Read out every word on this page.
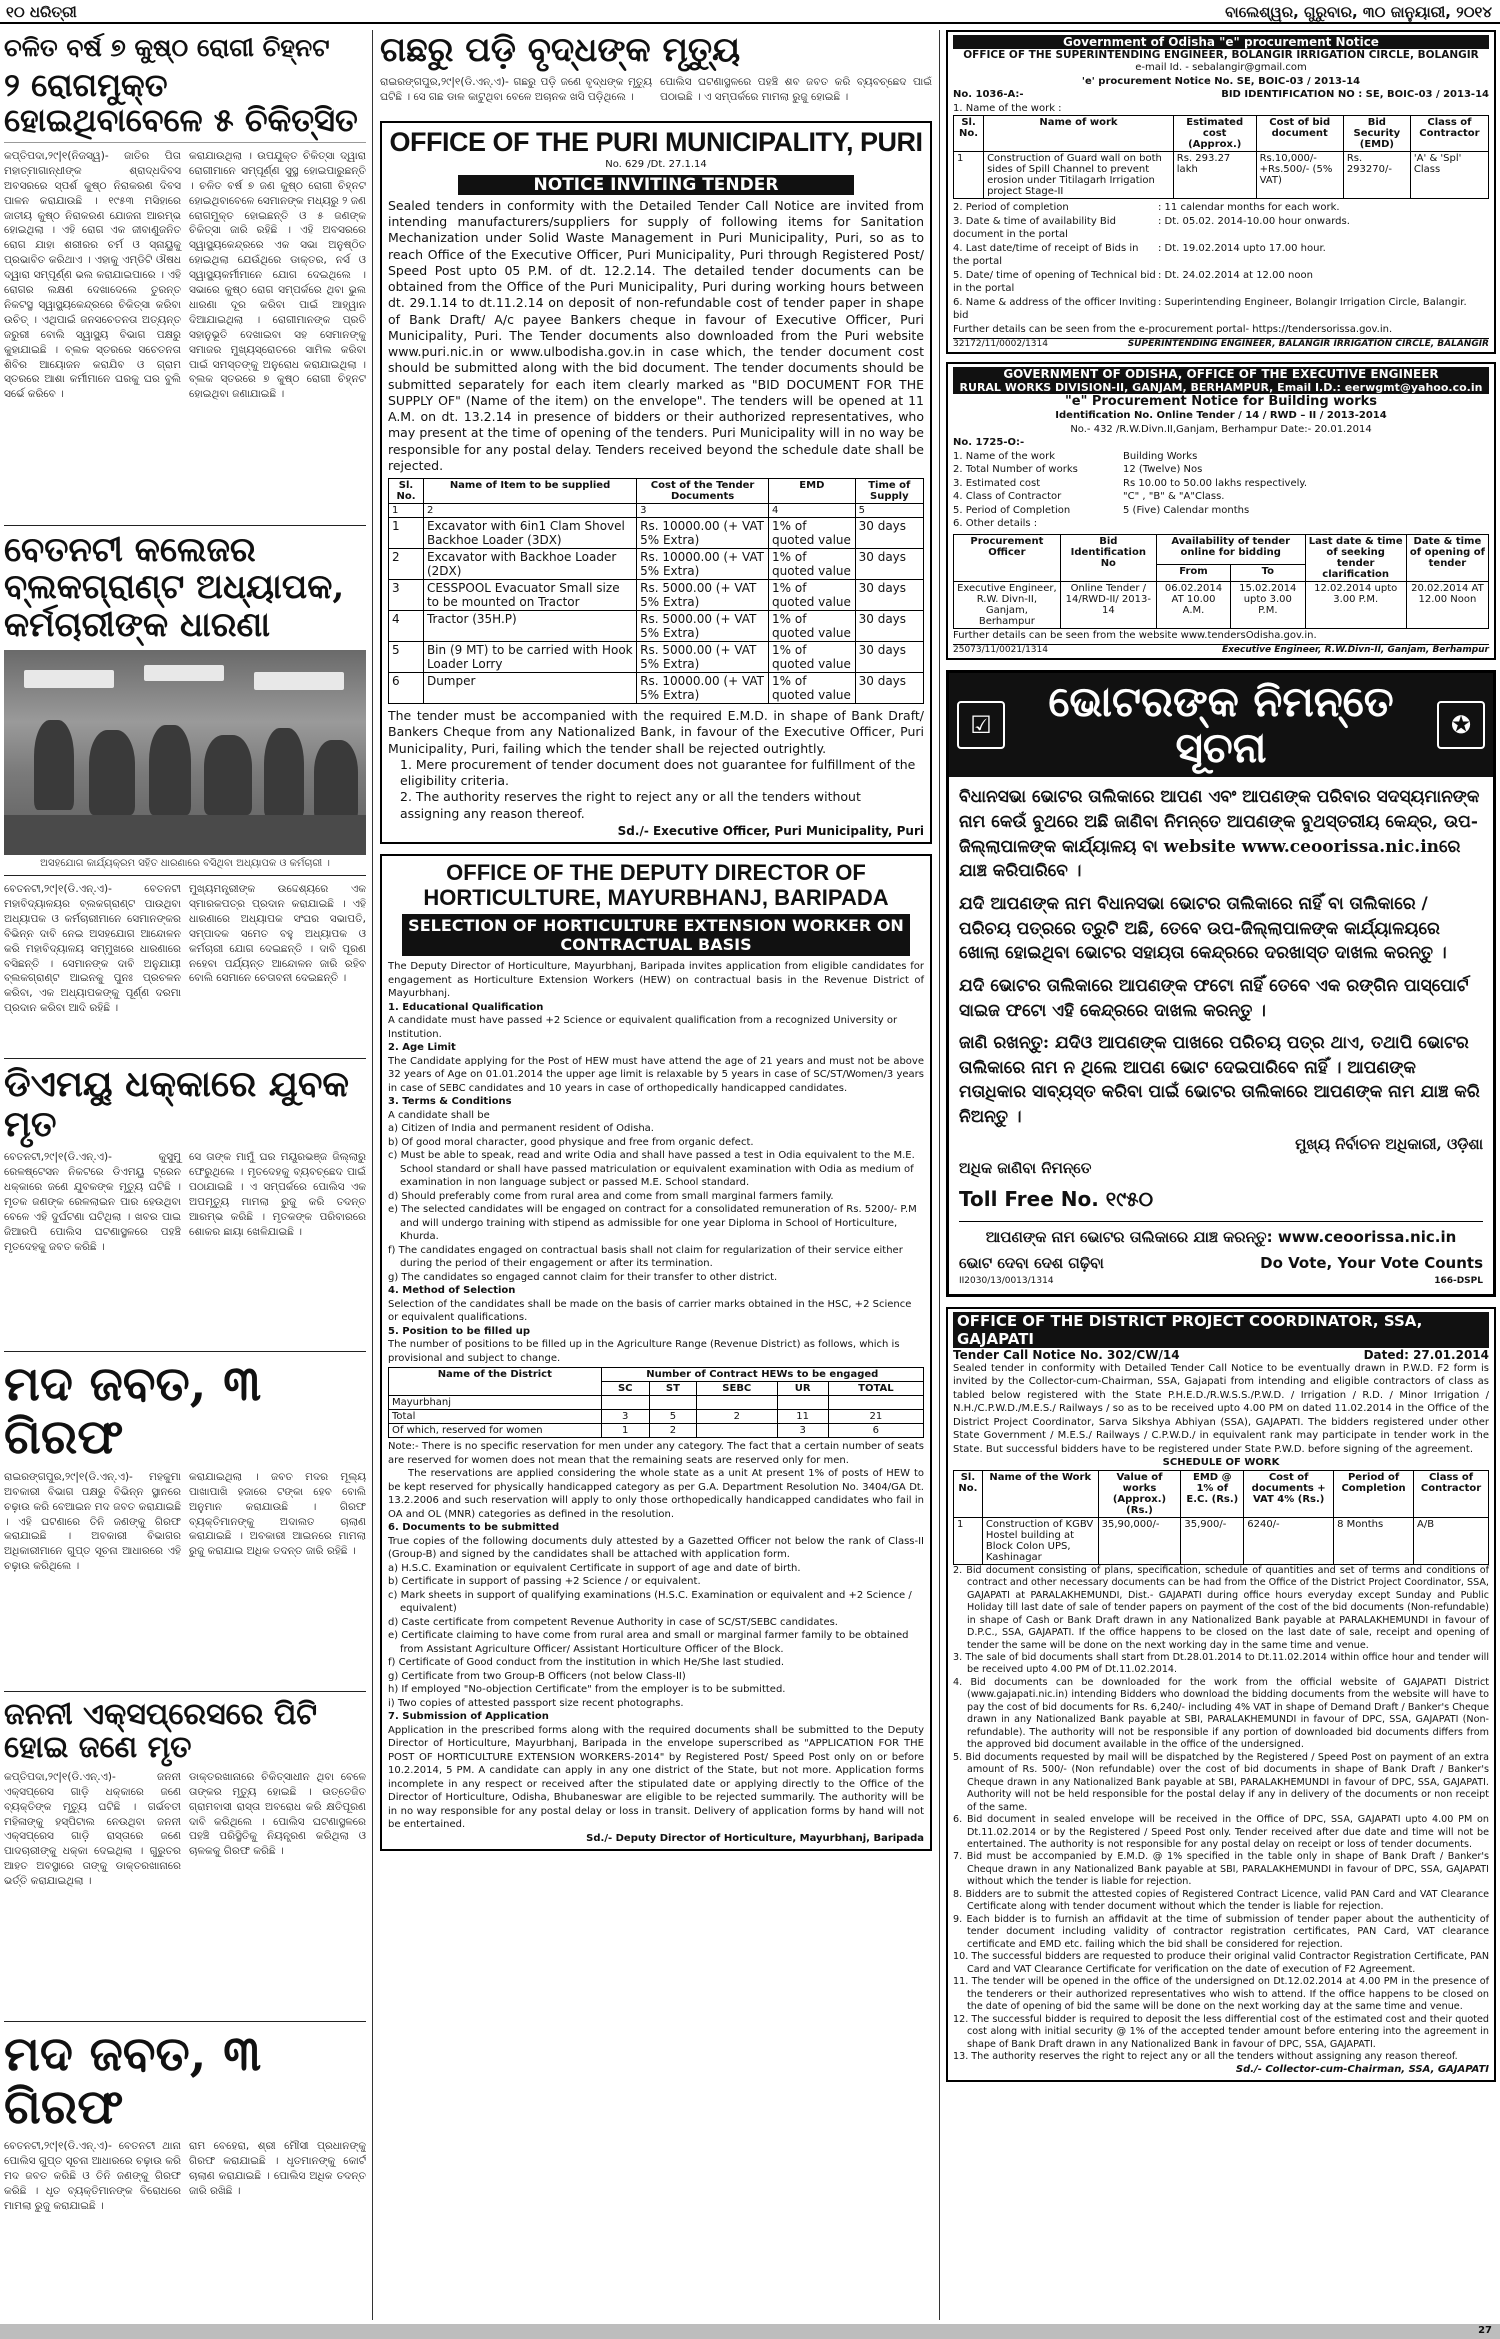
୧୦ ଧରିତ୍ରୀ	ବାଲେଶ୍ୱର, ଗୁରୁବାର, ୩୦ ଜାନୁୟାରୀ, ୨୦୧୪
ଚଳିତ ବର୍ଷ ୭ କୁଷ୍ଠ ରୋଗୀ ଚିହ୍ନଟ
୨ ରୋଗମୁକ୍ତ ହୋଇଥିବାବେଳେ ୫ ଚିକିତ୍ସିତ
କପ୍ତିପଦା,୨୯|୧(ନିଜସ୍ୱ)- ଜାତିର ପିତା ମହାତ୍ମାଗାନ୍ଧୀଙ୍କ ଶ୍ରାଦ୍ଧଦିବସ ଅବସରରେ ସ୍ପର୍ଶ କୁଷ୍ଠ ନିରାକରଣ ଦିବସ ପାଳନ କରାଯାଉଛି । ୧୯୫୩ ମସିହାରେ ଜାତୀୟ କୁଷ୍ଠ ନିରାକରଣ ଯୋଜନା ଆରମ୍ଭ ହୋଇଥିଲା । ଏହି ରୋଗ ଏକ ଜୀବାଣୁଜନିତ ରୋଗ ଯାହା ଶରୀରର ଚର୍ମ ଓ ସ୍ନାୟୁକୁ ପ୍ରଭାବିତ କରିଥାଏ । ଏହାକୁ ଏମ୍‌ଡିଟି ଔଷଧ ଦ୍ୱାରା ସମ୍ପୂର୍ଣ୍ଣ ଭଲ କରାଯାଇପାରେ । ଏହି ରୋଗର ଲକ୍ଷଣ ଦେଖାଦେଲେ ତୁରନ୍ତ ନିକଟସ୍ଥ ସ୍ୱାସ୍ଥ୍ୟକେନ୍ଦ୍ରରେ ଚିକିତ୍ସା କରିବା ଉଚିତ୍ । ଏଥିପାଇଁ ଜନସଚେତନତା ଅତ୍ୟନ୍ତ ଜରୁରୀ ବୋଲି ସ୍ୱାସ୍ଥ୍ୟ ବିଭାଗ ପକ୍ଷରୁ କୁହାଯାଇଛି । ବ୍ଲକ ସ୍ତରରେ ସଚେତନତା ଶିବିର ଆୟୋଜନ କରାଯିବ ଓ ଗ୍ରାମ ସ୍ତରରେ ଆଶା କର୍ମୀମାନେ ଘରକୁ ଘର ବୁଲି ସର୍ଭେ କରିବେ ।
କରାଯାଉଥିଲା । ଉପଯୁକ୍ତ ଚିକିତ୍ସା ଦ୍ୱାରା ରୋଗୀମାନେ ସମ୍ପୂର୍ଣ୍ଣ ସୁସ୍ଥ ହୋଇପାରୁଛନ୍ତି । ଚଳିତ ବର୍ଷ ୭ ଜଣ କୁଷ୍ଠ ରୋଗୀ ଚିହ୍ନଟ ହୋଇଥିବାବେଳେ ସେମାନଙ୍କ ମଧ୍ୟରୁ ୨ ଜଣ ରୋଗମୁକ୍ତ ହୋଇଛନ୍ତି ଓ ୫ ଜଣଙ୍କ ଚିକିତ୍ସା ଜାରି ରହିଛି । ଏହି ଅବସରରେ ସ୍ୱାସ୍ଥ୍ୟକେନ୍ଦ୍ରରେ ଏକ ସଭା ଅନୁଷ୍ଠିତ ହୋଇଥିଲା ଯେଉଁଥିରେ ଡାକ୍ତର, ନର୍ସ ଓ ସ୍ୱାସ୍ଥ୍ୟକର୍ମୀମାନେ ଯୋଗ ଦେଇଥିଲେ । ସଭାରେ କୁଷ୍ଠ ରୋଗ ସମ୍ପର୍କରେ ଥିବା ଭୁଲ ଧାରଣା ଦୂର କରିବା ପାଇଁ ଆହ୍ୱାନ ଦିଆଯାଇଥିଲା । ରୋଗୀମାନଙ୍କ ପ୍ରତି ସହାନୁଭୂତି ଦେଖାଇବା ସହ ସେମାନଙ୍କୁ ସମାଜର ମୁଖ୍ୟସ୍ରୋତରେ ସାମିଲ କରିବା ପାଇଁ ସମସ୍ତଙ୍କୁ ଅନୁରୋଧ କରାଯାଇଥିଲା । ବ୍ଲକ ସ୍ତରରେ ୭ କୁଷ୍ଠ ରୋଗୀ ଚିହ୍ନଟ ହୋଇଥିବା ଜଣାଯାଇଛି ।
ବେତନଟୀ କଲେଜର ବ୍ଲକଗ୍ରାଣ୍ଟ ଅଧ୍ୟାପକ, କର୍ମଚାରୀଙ୍କ ଧାରଣା
ଅସହଯୋଗ କାର୍ଯ୍ୟକ୍ରମ ସହିତ ଧାରଣାରେ ବସିଥିବା ଅଧ୍ୟାପକ ଓ କର୍ମଚାରୀ ।
ବେତନଟୀ,୨୯|୧(ଡି.ଏନ୍.ଏ)- ବେତନଟୀ ମହାବିଦ୍ୟାଳୟର ବ୍ଲକଗ୍ରାଣ୍ଟ ପାଉଥିବା ଅଧ୍ୟାପକ ଓ କର୍ମଚାରୀମାନେ ସେମାନଙ୍କର ବିଭିନ୍ନ ଦାବି ନେଇ ଅସହଯୋଗ ଆନ୍ଦୋଳନ କରି ମହାବିଦ୍ୟାଳୟ ସମ୍ମୁଖରେ ଧାରଣାରେ ବସିଛନ୍ତି । ସେମାନଙ୍କ ଦାବି ଅନୁଯାୟୀ ବ୍ଲକଗ୍ରାଣ୍ଟ ଆଇନକୁ ପୁନଃ ପ୍ରଚଳନ କରିବା, ଏକ ଅଧ୍ୟାପକଙ୍କୁ ପୂର୍ଣ୍ଣ ଦରମା ପ୍ରଦାନ କରିବା ଆଦି ରହିଛି ।
ମୁଖ୍ୟମନ୍ତ୍ରୀଙ୍କ ଉଦ୍ଦେଶ୍ୟରେ ଏକ ସ୍ମାରକପତ୍ର ପ୍ରଦାନ କରାଯାଇଛି । ଏହି ଧାରଣାରେ ଅଧ୍ୟାପକ ସଂଘର ସଭାପତି, ସମ୍ପାଦକ ସମେତ ବହୁ ଅଧ୍ୟାପକ ଓ କର୍ମଚାରୀ ଯୋଗ ଦେଇଛନ୍ତି । ଦାବି ପୂରଣ ନହେବା ପର୍ଯ୍ୟନ୍ତ ଆନ୍ଦୋଳନ ଜାରି ରହିବ ବୋଲି ସେମାନେ ଚେତାବନୀ ଦେଇଛନ୍ତି ।
ଡିଏମୟୁ ଧକ୍କାରେ ଯୁବକ ମୃତ
ବେତନଟୀ,୨୯|୧(ଡି.ଏନ୍.ଏ)- କୁସୁମୁ ରେଳଷ୍ଟେସନ ନିକଟରେ ଡିଏମୟୁ ଟ୍ରେନ ଧକ୍କାରେ ଜଣେ ଯୁବକଙ୍କ ମୃତ୍ୟୁ ଘଟିଛି । ମୃତକ ଜଣଙ୍କ ରେଳଲାଇନ ପାର ହେଉଥିବା ବେଳେ ଏହି ଦୁର୍ଘଟଣା ଘଟିଥିଲା । ଖବର ପାଇ ଜିଆରପି ପୋଲିସ ଘଟଣାସ୍ଥଳରେ ପହଞ୍ଚି ମୃତଦେହକୁ ଜବତ କରିଛି ।
ସେ ତାଙ୍କ ମାମୁଁ ଘର ମୟୂରଭଞ୍ଜ ଜିଲ୍ଲାରୁ ଫେରୁଥିଲେ । ମୃତଦେହକୁ ବ୍ୟବଚ୍ଛେଦ ପାଇଁ ପଠାଯାଇଛି । ଏ ସମ୍ପର୍କରେ ପୋଲିସ ଏକ ଅପମୃତ୍ୟୁ ମାମଲା ରୁଜୁ କରି ତଦନ୍ତ ଆରମ୍ଭ କରିଛି । ମୃତକଙ୍କ ପରିବାରରେ ଶୋକର ଛାୟା ଖେଳିଯାଇଛି ।
ମଦ ଜବତ, ୩ ଗିରଫ
ରାଇରଙ୍ଗପୁର,୨୯|୧(ଡି.ଏନ୍.ଏ)- ମହକୁମା ଅବକାରୀ ବିଭାଗ ପକ୍ଷରୁ ବିଭିନ୍ନ ସ୍ଥାନରେ ଚଢ଼ାଉ କରି ବେଆଇନ ମଦ ଜବତ କରାଯାଇଛି । ଏହି ଘଟଣାରେ ତିନି ଜଣଙ୍କୁ ଗିରଫ କରାଯାଇଛି । ଅବକାରୀ ବିଭାଗର ଅଧିକାରୀମାନେ ଗୁପ୍ତ ସୂଚନା ଆଧାରରେ ଏହି ଚଢ଼ାଉ କରିଥିଲେ ।
କରାଯାଇଥିଲା । ଜବତ ମଦର ମୂଲ୍ୟ ପାଖାପାଖି ହଜାରେ ଟଙ୍କା ହେବ ବୋଲି ଅନୁମାନ କରାଯାଉଛି । ଗିରଫ ବ୍ୟକ୍ତିମାନଙ୍କୁ ଅଦାଲତ ଚାଲାଣ କରାଯାଇଛି । ଅବକାରୀ ଆଇନରେ ମାମଲା ରୁଜୁ କରାଯାଇ ଅଧିକ ତଦନ୍ତ ଜାରି ରହିଛି ।
ଜନନୀ ଏକ୍ସପ୍ରେସରେ ପିଟି ହୋଇ ଜଣେ ମୃତ
କପ୍ତିପଦା,୨୯|୧(ଡି.ଏନ୍.ଏ)- ଜନନୀ ଏକ୍ସପ୍ରେସ ଗାଡ଼ି ଧକ୍କାରେ ଜଣେ ବ୍ୟକ୍ତିଙ୍କ ମୃତ୍ୟୁ ଘଟିଛି । ଗର୍ଭବତୀ ମହିଳାଙ୍କୁ ହସ୍ପିଟାଲ ନେଉଥିବା ଜନନୀ ଏକ୍ସପ୍ରେସ ଗାଡ଼ି ରାସ୍ତାରେ ଜଣେ ପାଦଚାରୀଙ୍କୁ ଧକ୍କା ଦେଇଥିଲା । ଗୁରୁତର ଆହତ ଅବସ୍ଥାରେ ତାଙ୍କୁ ଡାକ୍ତରଖାନାରେ ଭର୍ତ୍ତି କରାଯାଇଥିଲା ।
ଡାକ୍ତରଖାନାରେ ଚିକିତ୍ସାଧୀନ ଥିବା ବେଳେ ତାଙ୍କର ମୃତ୍ୟୁ ହୋଇଛି । ଉତ୍ତେଜିତ ଗ୍ରାମବାସୀ ରାସ୍ତା ଅବରୋଧ କରି କ୍ଷତିପୂରଣ ଦାବି କରିଥିଲେ । ପୋଲିସ ଘଟଣାସ୍ଥଳରେ ପହଞ୍ଚି ପରିସ୍ଥିତିକୁ ନିୟନ୍ତ୍ରଣ କରିଥିଲା ଓ ଚାଳକକୁ ଗିରଫ କରିଛି ।
ମଦ ଜବତ, ୩ ଗିରଫ
ବେତନଟୀ,୨୯|୧(ଡି.ଏନ୍.ଏ)- ବେତନଟୀ ଥାନା ପୋଲିସ ଗୁପ୍ତ ସୂଚନା ଆଧାରରେ ଚଢ଼ାଉ କରି ମଦ ଜବତ କରିଛି ଓ ତିନି ଜଣଙ୍କୁ ଗିରଫ କରିଛି । ଧୃତ ବ୍ୟକ୍ତିମାନଙ୍କ ବିରୋଧରେ ମାମଲା ରୁଜୁ କରାଯାଇଛି ।
ରାମ ବେହେରା, ଶ୍ରୀ ମୌସୀ ପ୍ରଧାନଙ୍କୁ ଗିରଫ କରାଯାଇଛି । ଧୃତମାନଙ୍କୁ କୋର୍ଟ ଚାଲାଣ କରାଯାଇଛି । ପୋଲିସ ଅଧିକ ତଦନ୍ତ ଜାରି ରଖିଛି ।
ଗଛରୁ ପଡ଼ି ବୃଦ୍ଧଙ୍କ ମୃତ୍ୟୁ
ରାଇରଙ୍ଗପୁର,୨୯|୧(ଡି.ଏନ୍.ଏ)- ଗଛରୁ ପଡ଼ି ଜଣେ ବୃଦ୍ଧଙ୍କ ମୃତ୍ୟୁ ଘଟିଛି । ସେ ଗଛ ଡାଳ କାଟୁଥିବା ବେଳେ ଅଚାନକ ଖସି ପଡ଼ିଥିଲେ ।
ପୋଲିସ ଘଟଣାସ୍ଥଳରେ ପହଞ୍ଚି ଶବ ଜବତ କରି ବ୍ୟବଚ୍ଛେଦ ପାଇଁ ପଠାଇଛି । ଏ ସମ୍ପର୍କରେ ମାମଲା ରୁଜୁ ହୋଇଛି ।
OFFICE OF THE PURI MUNICIPALITY, PURI
No. 629 /Dt. 27.1.14
NOTICE INVITING TENDER
Sealed tenders in conformity with the Detailed Tender Call Notice are invited from intending manufacturers/suppliers for supply of following items for Sanitation Mechanization under Solid Waste Management in Puri Municipality, Puri, so as to reach Office of the Executive Officer, Puri Municipality, Puri through Registered Post/ Speed Post upto 05 P.M. of dt. 12.2.14. The detailed tender documents can be obtained from the Office of the Puri Municipality, Puri during working hours between dt. 29.1.14 to dt.11.2.14 on deposit of non-refundable cost of tender paper in shape of Bank Draft/ A/c payee Bankers cheque in favour of Executive Officer, Puri Municipality, Puri. The Tender documents also downloaded from the Puri website www.puri.nic.in or www.ulbodisha.gov.in in case which, the tender document cost should be submitted along with the bid document. The tender documents should be submitted separately for each item clearly marked as "BID DOCUMENT FOR THE SUPPLY OF" (Name of the item) on the envelope". The tenders will be opened at 11 A.M. on dt. 13.2.14 in presence of bidders or their authorized representatives, who may present at the time of opening of the tenders. Puri Municipality will in no way be responsible for any postal delay. Tenders received beyond the schedule date shall be rejected.
Sl. No.	Name of Item to be supplied	Cost of the Tender Documents	EMD	Time of Supply
1	2	3	4	5
1	Excavator with 6in1 Clam Shovel Backhoe Loader (3DX)	Rs. 10000.00 (+ VAT 5% Extra)	1% of quoted value	30 days
2	Excavator with Backhoe Loader (2DX)	Rs. 10000.00 (+ VAT 5% Extra)	1% of quoted value	30 days
3	CESSPOOL Evacuator Small size to be mounted on Tractor	Rs. 5000.00 (+ VAT 5% Extra)	1% of quoted value	30 days
4	Tractor (35H.P)	Rs. 5000.00 (+ VAT 5% Extra)	1% of quoted value	30 days
5	Bin (9 MT) to be carried with Hook Loader Lorry	Rs. 5000.00 (+ VAT 5% Extra)	1% of quoted value	30 days
6	Dumper	Rs. 10000.00 (+ VAT 5% Extra)	1% of quoted value	30 days
The tender must be accompanied with the required E.M.D. in shape of Bank Draft/ Bankers Cheque from any Nationalized Bank, in favour of the Executive Officer, Puri Municipality, Puri, failing which the tender shall be rejected outrightly.
1. Mere procurement of tender document does not guarantee for fulfillment of the eligibility criteria.
2. The authority reserves the right to reject any or all the tenders without assigning any reason thereof.
Sd./- Executive Officer, Puri Municipality, Puri
OFFICE OF THE DEPUTY DIRECTOR OF HORTICULTURE, MAYURBHANJ, BARIPADA
SELECTION OF HORTICULTURE EXTENSION WORKER ON CONTRACTUAL BASIS
The Deputy Director of Horticulture, Mayurbhanj, Baripada invites application from eligible candidates for engagement as Horticulture Extension Workers (HEW) on contractual basis in the Revenue District of Mayurbhanj.
1. Educational Qualification
A candidate must have passed +2 Science or equivalent qualification from a recognized University or Institution.
2. Age Limit
The Candidate applying for the Post of HEW must have attend the age of 21 years and must not be above 32 years of Age on 01.01.2014 the upper age limit is relaxable by 5 years in case of SC/ST/Women/3 years in case of SEBC candidates and 10 years in case of orthopedically handicapped candidates.
3. Terms & Conditions
A candidate shall be
a) Citizen of India and permanent resident of Odisha.
b) Of good moral character, good physique and free from organic defect.
c) Must be able to speak, read and write Odia and shall have passed a test in Odia equivalent to the M.E. School standard or shall have passed matriculation or equivalent examination with Odia as medium of examination in non language subject or passed M.E. School standard.
d) Should preferably come from rural area and come from small marginal farmers family.
e) The selected candidates will be engaged on contract for a consolidated remuneration of Rs. 5200/- P.M and will undergo training with stipend as admissible for one year Diploma in School of Horticulture, Khurda.
f) The candidates engaged on contractual basis shall not claim for regularization of their service either during the period of their engagement or after its termination.
g) The candidates so engaged cannot claim for their transfer to other district.
4. Method of Selection
Selection of the candidates shall be made on the basis of carrier marks obtained in the HSC, +2 Science or equivalent qualifications.
5. Position to be filled up
The number of positions to be filled up in the Agriculture Range (Revenue District) as follows, which is provisional and subject to change.
Name of the District	Number of Contract HEWs to be engaged				
	SC	ST	SEBC	UR	TOTAL
Mayurbhanj					
Total	3	5	2	11	21
Of which, reserved for women	1	2		3	6
Note:- There is no specific reservation for men under any category. The fact that a certain number of seats are reserved for women does not mean that the remaining seats are reserved only for men.
The reservations are applied considering the whole state as a unit At present 1% of posts of HEW to be kept reserved for physically handicapped category as per G.A. Department Resolution No. 3404/GA Dt. 13.2.2006 and such reservation will apply to only those orthopedically handicapped candidates who fail in OA and OL (MNR) categories as defined in the resolution.
6. Documents to be submitted
True copies of the following documents duly attested by a Gazetted Officer not below the rank of Class-II (Group-B) and signed by the candidates shall be attached with application form.
a) H.S.C. Examination or equivalent Certificate in support of age and date of birth.
b) Certificate in support of passing +2 Science / or equivalent.
c) Mark sheets in support of qualifying examinations (H.S.C. Examination or equivalent and +2 Science / equivalent)
d) Caste certificate from competent Revenue Authority in case of SC/ST/SEBC candidates.
e) Certificate claiming to have come from rural area and small or marginal farmer family to be obtained from Assistant Agriculture Officer/ Assistant Horticulture Officer of the Block.
f) Certificate of Good conduct from the institution in which He/She last studied.
g) Certificate from two Group-B Officers (not below Class-II)
h) If employed "No-objection Certificate" from the employer is to be submitted.
i) Two copies of attested passport size recent photographs.
7. Submission of Application
Application in the prescribed forms along with the required documents shall be submitted to the Deputy Director of Horticulture, Mayurbhanj, Baripada in the envelope superscribed as "APPLICATION FOR THE POST OF HORTICULTURE EXTENSION WORKERS-2014" by Registered Post/ Speed Post only on or before 10.2.2014, 5 PM. A candidate can apply in any one district of the State, but not more. Application forms incomplete in any respect or received after the stipulated date or applying directly to the Office of the Director of Horticulture, Odisha, Bhubaneswar are eligible to be rejected summarily. The authority will be in no way responsible for any postal delay or loss in transit. Delivery of application forms by hand will not be entertained.
Sd./- Deputy Director of Horticulture, Mayurbhanj, Baripada
Government of Odisha "e" procurement Notice
OFFICE OF THE SUPERINTENDING ENGINEER, BOLANGIR IRRIGATION CIRCLE, BOLANGIR
e-mail Id. - sebalangir@gmail.com
'e' procurement Notice No. SE, BOIC-03 / 2013-14
No. 1036-A:-	BID IDENTIFICATION NO : SE, BOIC-03 / 2013-14
1. Name of the work :
Sl. No.	Name of work	Estimated cost (Approx.)	Cost of bid document	Bid Security (EMD)	Class of Contractor
1	Construction of Guard wall on both sides of Spill Channel to prevent erosion under Titilagarh Irrigation project Stage-II	Rs. 293.27 lakh	Rs.10,000/- +Rs.500/- (5% VAT)	Rs. 293270/-	'A' & 'Spl' Class
2. Period of completion	: 11 calendar months for each work.
3. Date & time of availability Bid document in the portal
: Dt. 05.02. 2014-10.00 hour onwards.
4. Last date/time of receipt of Bids in the portal
: Dt. 19.02.2014 upto 17.00 hour.
5. Date/ time of opening of Technical bid in the portal
: Dt. 24.02.2014 at 12.00 noon
6. Name & address of the officer Inviting bid
: Superintending Engineer, Bolangir Irrigation Circle, Balangir.
Further details can be seen from the e-procurement portal- https://tendersorissa.gov.in.
32172/11/0002/1314	SUPERINTENDING ENGINEER, BALANGIR IRRIGATION CIRCLE, BALANGIR
GOVERNMENT OF ODISHA, OFFICE OF THE EXECUTIVE ENGINEER
RURAL WORKS DIVISION-II, GANJAM, BERHAMPUR, Email I.D.: eerwgmt@yahoo.co.in
"e" Procurement Notice for Building works
Identification No. Online Tender / 14 / RWD – II / 2013-2014
No.- 432 /R.W.Divn.II,Ganjam, Berhampur Date:- 20.01.2014
No. 1725-O:-
1. Name of the work	Building Works
2. Total Number of works	12 (Twelve) Nos
3. Estimated cost	Rs 10.00 to 50.00 lakhs respectively.
4. Class of Contractor	"C" , "B" & "A"Class.
5. Period of Completion	5 (Five) Calendar months
6. Other details :
Procurement Officer	Bid Identification No	Availability of tender online for bidding		Last date & time of seeking tender clarification	Date & time of opening of tender
		From	To		
Executive Engineer, R.W. Divn-II, Ganjam, Berhampur	Online Tender / 14/RWD-II/ 2013-14	06.02.2014 AT 10.00 A.M.	15.02.2014 upto 3.00 P.M.	12.02.2014 upto 3.00 P.M.	20.02.2014 AT 12.00 Noon
Further details can be seen from the website www.tendersOdisha.gov.in.
25073/11/0021/1314	Executive Engineer, R.W.Divn-II, Ganjam, Berhampur
☑	ଭୋଟରଙ୍କ ନିମନ୍ତେ ସୂଚନା	✪
ବିଧାନସଭା ଭୋଟର ତାଲିକାରେ ଆପଣ ଏବଂ ଆପଣଙ୍କ ପରିବାର ସଦସ୍ୟମାନଙ୍କ ନାମ କେଉଁ ବୁଥରେ ଅଛି ଜାଣିବା ନିମନ୍ତେ ଆପଣଙ୍କ ବୁଥସ୍ତରୀୟ କେନ୍ଦ୍ର, ଉପ-ଜିଲ୍ଲାପାଳଙ୍କ କାର୍ଯ୍ୟାଳୟ ବା website www.ceoorissa.nic.inରେ ଯାଞ୍ଚ କରିପାରିବେ ।
ଯଦି ଆପଣଙ୍କ ନାମ ବିଧାନସଭା ଭୋଟର ତାଲିକାରେ ନାହିଁ ବା ତାଲିକାରେ / ପରିଚୟ ପତ୍ରରେ ତ୍ରୁଟି ଅଛି, ତେବେ ଉପ-ଜିଲ୍ଲାପାଳଙ୍କ କାର୍ଯ୍ୟାଳୟରେ ଖୋଲା ହୋଇଥିବା ଭୋଟର ସହାୟତା କେନ୍ଦ୍ରରେ ଦରଖାସ୍ତ ଦାଖଲ କରନ୍ତୁ ।
ଯଦି ଭୋଟର ତାଲିକାରେ ଆପଣଙ୍କ ଫଟୋ ନାହିଁ ତେବେ ଏକ ରଙ୍ଗିନ ପାସ୍‌ପୋର୍ଟ ସାଇଜ ଫଟୋ ଏହି କେନ୍ଦ୍ରରେ ଦାଖଲ କରନ୍ତୁ ।
ଜାଣି ରଖନ୍ତୁ: ଯଦିଓ ଆପଣଙ୍କ ପାଖରେ ପରିଚୟ ପତ୍ର ଥାଏ, ତଥାପି ଭୋଟର ତାଲିକାରେ ନାମ ନ ଥିଲେ ଆପଣ ଭୋଟ ଦେଇପାରିବେ ନାହିଁ । ଆପଣଙ୍କ ମତାଧିକାର ସାବ୍ୟସ୍ତ କରିବା ପାଇଁ ଭୋଟର ତାଲିକାରେ ଆପଣଙ୍କ ନାମ ଯାଞ୍ଚ କରି ନିଅନ୍ତୁ ।
ମୁଖ୍ୟ ନିର୍ବାଚନ ଅଧିକାରୀ, ଓଡ଼ିଶା
ଅଧିକ ଜାଣିବା ନିମନ୍ତେ
Toll Free No. ୧୯୫୦
ଆପଣଙ୍କ ନାମ ଭୋଟର ତାଲିକାରେ ଯାଞ୍ଚ କରନ୍ତୁ: www.ceoorissa.nic.in
ଭୋଟ ଦେବା ଦେଶ ଗଢ଼ିବା	Do Vote, Your Vote Counts
II2030/13/0013/1314	166-DSPL
OFFICE OF THE DISTRICT PROJECT COORDINATOR, SSA, GAJAPATI
Tender Call Notice No. 302/CW/14	Dated: 27.01.2014
Sealed tender in conformity with Detailed Tender Call Notice to be eventually drawn in P.W.D. F2 form is invited by the Collector-cum-Chairman, SSA, Gajapati from intending and eligible contractors of class as tabled below registered with the State P.H.E.D./R.W.S.S./P.W.D. / Irrigation / R.D. / Minor Irrigation / N.H./C.P.W.D./M.E.S./ Railways / so as to be received upto 4.00 PM on dated 11.02.2014 in the Office of the District Project Coordinator, Sarva Sikshya Abhiyan (SSA), GAJAPATI. The bidders registered under other State Government / M.E.S./ Railways / C.P.W.D./ in equivalent rank may participate in tender work in the State. But successful bidders have to be registered under State P.W.D. before signing of the agreement.
SCHEDULE OF WORK
Sl. No.	Name of the Work	Value of works (Approx.) (Rs.)	EMD @ 1% of E.C. (Rs.)	Cost of documents + VAT 4% (Rs.)	Period of Completion	Class of Contractor
1	Construction of KGBV Hostel building at Block Colon UPS, Kashinagar	35,90,000/-	35,900/-	6240/-	8 Months	A/B
2. Bid document consisting of plans, specification, schedule of quantities and set of terms and conditions of contract and other necessary documents can be had from the Office of the District Project Coordinator, SSA, GAJAPATI at PARALAKHEMUNDI, Dist.- GAJAPATI during office hours everyday except Sunday and Public Holiday till last date of sale of tender papers on payment of the cost of the bid documents (Non-refundable) in shape of Cash or Bank Draft drawn in any Nationalized Bank payable at PARALAKHEMUNDI in favour of D.P.C., SSA, GAJAPATI. If the office happens to be closed on the last date of sale, receipt and opening of tender the same will be done on the next working day in the same time and venue.
3. The sale of bid documents shall start from Dt.28.01.2014 to Dt.11.02.2014 within office hour and tender will be received upto 4.00 PM of Dt.11.02.2014.
4. Bid documents can be downloaded for the work from the official website of GAJAPATI District (www.gajapati.nic.in) intending Bidders who download the bidding documents from the website will have to pay the cost of bid documents for Rs. 6,240/- including 4% VAT in shape of Demand Draft / Banker's Cheque drawn in any Nationalized Bank payable at SBI, PARALAKHEMUNDI in favour of DPC, SSA, GAJAPATI (Non-refundable). The authority will not be responsible if any portion of downloaded bid documents differs from the approved bid document available in the office of the undersigned.
5. Bid documents requested by mail will be dispatched by the Registered / Speed Post on payment of an extra amount of Rs. 500/- (Non refundable) over the cost of bid documents in shape of Bank Draft / Banker's Cheque drawn in any Nationalized Bank payable at SBI, PARALAKHEMUNDI in favour of DPC, SSA, GAJAPATI. Authority will not be held responsible for the postal delay if any in delivery of the documents or non receipt of the same.
6. Bid document in sealed envelope will be received in the Office of DPC, SSA, GAJAPATI upto 4.00 PM on Dt.11.02.2014 or by the Registered / Speed Post only. Tender received after due date and time will not be entertained. The authority is not responsible for any postal delay on receipt or loss of tender documents.
7. Bid must be accompanied by E.M.D. @ 1% specified in the table only in shape of Bank Draft / Banker's Cheque drawn in any Nationalized Bank payable at SBI, PARALAKHEMUNDI in favour of DPC, SSA, GAJAPATI without which the tender is liable for rejection.
8. Bidders are to submit the attested copies of Registered Contract Licence, valid PAN Card and VAT Clearance Certificate along with tender document without which the tender is liable for rejection.
9. Each bidder is to furnish an affidavit at the time of submission of tender paper about the authenticity of tender document including validity of contractor registration certificates, PAN Card, VAT clearance certificate and EMD etc. failing which the bid shall be considered for rejection.
10. The successful bidders are requested to produce their original valid Contractor Registration Certificate, PAN Card and VAT Clearance Certificate for verification on the date of execution of F2 Agreement.
11. The tender will be opened in the office of the undersigned on Dt.12.02.2014 at 4.00 PM in the presence of the tenderers or their authorized representatives who wish to attend. If the office happens to be closed on the date of opening of bid the same will be done on the next working day at the same time and venue.
12. The successful bidder is required to deposit the less differential cost of the estimated cost and their quoted cost along with initial security @ 1% of the accepted tender amount before entering into the agreement in shape of Bank Draft drawn in any Nationalized Bank in favour of DPC, SSA, GAJAPATI.
13. The authority reserves the right to reject any or all the tenders without assigning any reason thereof.
Sd./- Collector-cum-Chairman, SSA, GAJAPATI
27
